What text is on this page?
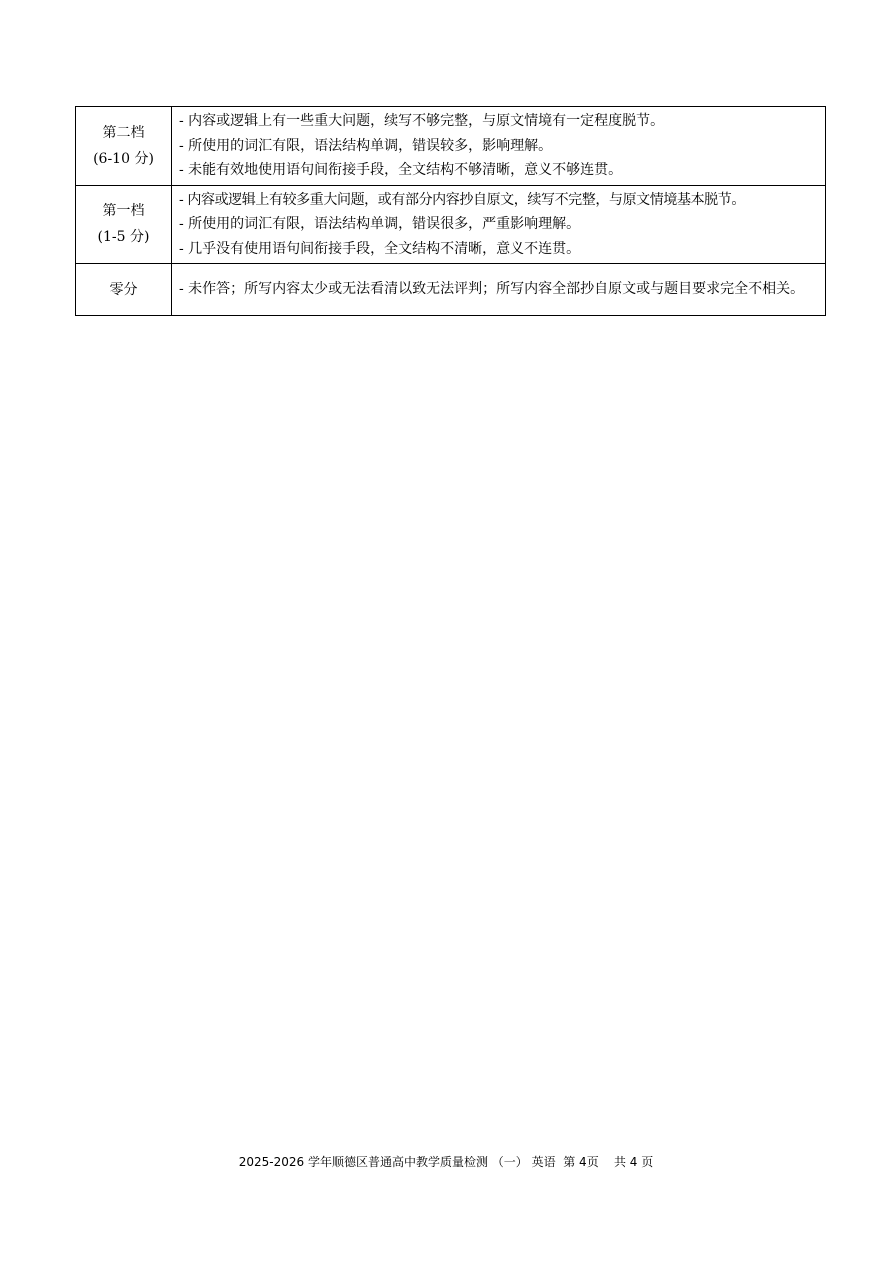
第二档
(6-10 分)	- 内容或逻辑上有一些重大问题，续写不够完整，与原文情境有一定程度脱节。
- 所使用的词汇有限，语法结构单调，错误较多，影响理解。
- 未能有效地使用语句间衔接手段，全文结构不够清晰，意义不够连贯。

第一档
(1-5 分)	- 内容或逻辑上有较多重大问题，或有部分内容抄自原文，续写不完整，与原文情境基本脱节。
- 所使用的词汇有限，语法结构单调，错误很多，严重影响理解。
- 几乎没有使用语句间衔接手段，全文结构不清晰，意义不连贯。

零分	- 未作答；所写内容太少或无法看清以致无法评判；所写内容全部抄自原文或与题目要求完全不相关。
2025-2026 学年顺德区普通高中教学质量检测 （一） 英语  第 4页    共 4 页
